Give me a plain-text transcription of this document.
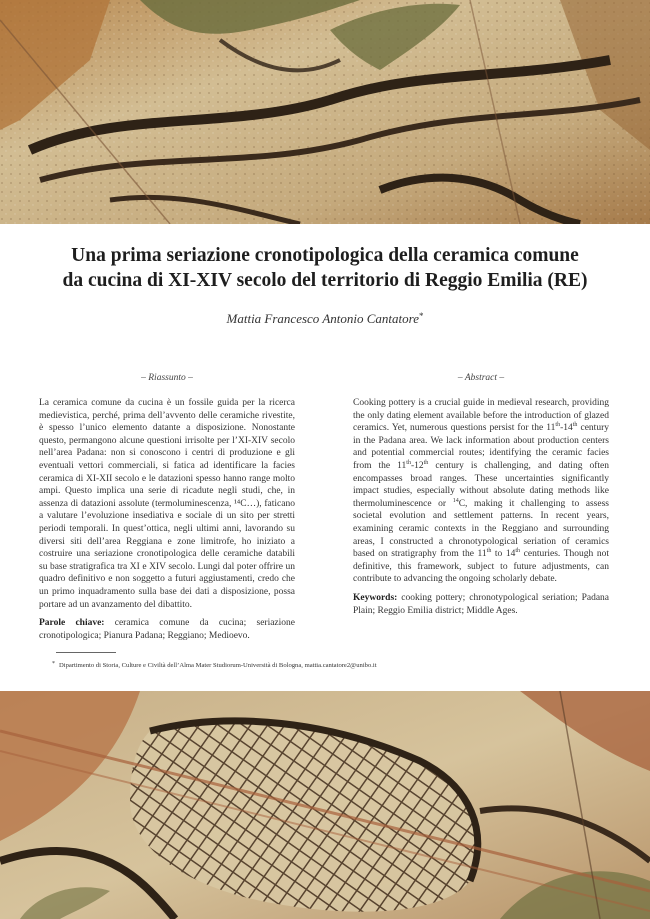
Una prima seriazione cronotipologica della ceramica comune
da cucina di XI-XIV secolo del territorio di Reggio Emilia (RE)
Mattia Francesco Antonio Cantatore*
– Riassunto –

La ceramica comune da cucina è un fossile guida per la ricerca medievistica, perché, prima dell’avvento delle ceramiche rivestite, è spesso l’unico elemento datante a disposizione. Nonostante questo, permangono alcune questioni irrisolte per l’XI-XIV secolo nell’area Padana: non si conoscono i centri di produzione e gli eventuali vettori commerciali, si fatica ad identificare la facies ceramica di XI-XII secolo e le datazioni spesso hanno range molto ampi. Questo implica una serie di ricadute negli studi, che, in assenza di datazioni assolute (termoluminescenza, ¹⁴C…), faticano a valutare l’evoluzione insediativa e sociale di un sito per stretti periodi temporali. In quest’ottica, negli ultimi anni, lavorando su diversi siti dell’area Reggiana e zone limitrofe, ho iniziato a costruire una seriazione cronotipologica delle ceramiche databili su base stratigrafica tra XI e XIV secolo. Lungi dal poter offrire un quadro definitivo e non soggetto a futuri aggiustamenti, credo che un primo inquadramento sulla base dei dati a disposizione, possa portare ad un avanzamento del dibattito.

Parole chiave: ceramica comune da cucina; seriazione cronotipologica; Pianura Padana; Reggiano; Medioevo.

– Abstract –

Cooking pottery is a crucial guide in medieval research, providing the only dating element available before the introduction of glazed ceramics. Yet, numerous questions persist for the 11th-14th century in the Padana area. We lack information about production centers and potential commercial routes; identifying the ceramic facies from the 11th-12th century is challenging, and dating often encompasses broad ranges. These uncertainties significantly impact studies, especially without absolute dating methods like thermoluminescence or $^{14}$C, making it challenging to assess societal evolution and settlement patterns. In recent years, examining ceramic contexts in the Reggiano and surrounding areas, I constructed a chronotypological seriation of ceramics based on stratigraphy from the 11th to 14th centuries. Though not definitive, this framework, subject to future adjustments, can contribute to advancing the ongoing scholarly debate.

Keywords: cooking pottery; chronotypological seriation; Padana Plain; Reggio Emilia district; Middle Ages.

* Dipartimento di Storia, Culture e Civiltà dell’Alma Mater Studiorum-Università di Bologna, mattia.cantatore2@unibo.it
